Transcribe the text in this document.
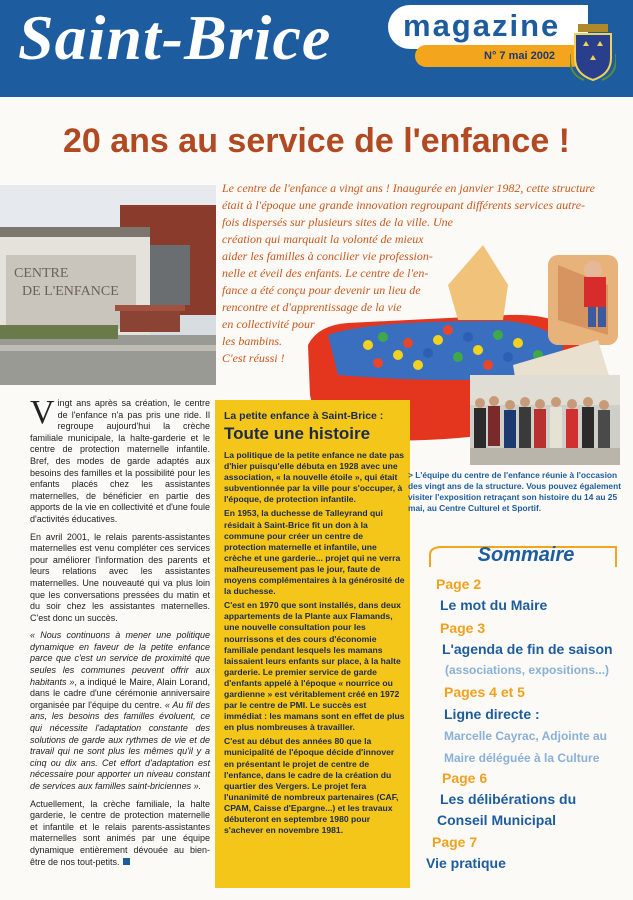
Saint-Brice magazine
N° 7 mai 2002
20 ans au service de l'enfance !
CENTRE
DE L'ENFANCE
Le centre de l'enfance a vingt ans ! Inaugurée en janvier 1982, cette structure
était à l'époque une grande innovation regroupant différents services autre-
fois dispersés sur plusieurs sites de la ville. Une
création qui marquait la volonté de mieux
aider les familles à concilier vie profession-
nelle et éveil des enfants. Le centre de l'en-
fance a été conçu pour devenir un lieu de
rencontre et d'apprentissage de la vie
en collectivité pour
les bambins.
C'est réussi !

Vingt ans après sa création, le centre de l'enfance n'a pas pris une ride. Il regroupe aujourd'hui la crèche familiale municipale, la halte-garderie et le centre de protection maternelle infantile. Bref, des modes de garde adaptés aux besoins des familles et la possibilité pour les enfants placés chez les assistantes maternelles, de bénéficier en partie des apports de la vie en collectivité et d'une foule d'activités éducatives.

En avril 2001, le relais parents-assistantes maternelles est venu compléter ces services pour améliorer l'information des parents et leurs relations avec les assistantes maternelles. Une nouveauté qui va plus loin que les conversations pressées du matin et du soir chez les assistantes maternelles. C'est donc un succès.

« Nous continuons à mener une politique dynamique en faveur de la petite enfance parce que c'est un service de proximité que seules les communes peuvent offrir aux habitants », a indiqué le Maire, Alain Lorand, dans le cadre d'une cérémonie anniversaire organisée par l'équipe du centre. « Au fil des ans, les besoins des familles évoluent, ce qui nécessite l'adaptation constante des solutions de garde aux rythmes de vie et de travail qui ne sont plus les mêmes qu'il y a cinq ou dix ans. Cet effort d'adaptation est nécessaire pour apporter un niveau constant de services aux familles saint-briciennes ».

Actuellement, la crèche familiale, la halte garderie, le centre de protection maternelle et infantile et le relais parents-assistantes maternelles sont animés par une équipe dynamique entièrement dévouée au bien-être de nos tout-petits.

La petite enfance à Saint-Brice :
Toute une histoire

La politique de la petite enfance ne date pas d'hier puisqu'elle débuta en 1928 avec une association, « la nouvelle étoile », qui était subventionnée par la ville pour s'occuper, à l'époque, de protection infantile.

En 1953, la duchesse de Talleyrand qui résidait à Saint-Brice fit un don à la commune pour créer un centre de protection maternelle et infantile, une crèche et une garderie... projet qui ne verra malheureusement pas le jour, faute de moyens complémentaires à la générosité de la duchesse.

C'est en 1970 que sont installés, dans deux appartements de la Plante aux Flamands, une nouvelle consultation pour les nourrissons et des cours d'économie familiale pendant lesquels les mamans laissaient leurs enfants sur place, à la halte garderie. Le premier service de garde d'enfants appelé à l'époque « nourrice ou gardienne » est véritablement créé en 1972 par le centre de PMI. Le succès est immédiat : les mamans sont en effet de plus en plus nombreuses à travailler.

C'est au début des années 80 que la municipalité de l'époque décide d'innover en présentant le projet de centre de l'enfance, dans le cadre de la création du quartier des Vergers. Le projet fera l'unanimité de nombreux partenaires (CAF, CPAM, Caisse d'Epargne...) et les travaux débuteront en septembre 1980 pour s'achever en novembre 1981.

> L'équipe du centre de l'enfance réunie à l'occasion des vingt ans de la structure. Vous pouvez également visiter l'exposition retraçant son histoire du 14 au 25 mai, au Centre Culturel et Sportif.
Sommaire
Page 2
Le mot du Maire
Page 3
L'agenda de fin de saison
(associations, expositions...)
Pages 4 et 5
Ligne directe :
Marcelle Cayrac, Adjointe au
Maire déléguée à la Culture
Page 6
Les délibérations du
Conseil Municipal
Page 7
Vie pratique
